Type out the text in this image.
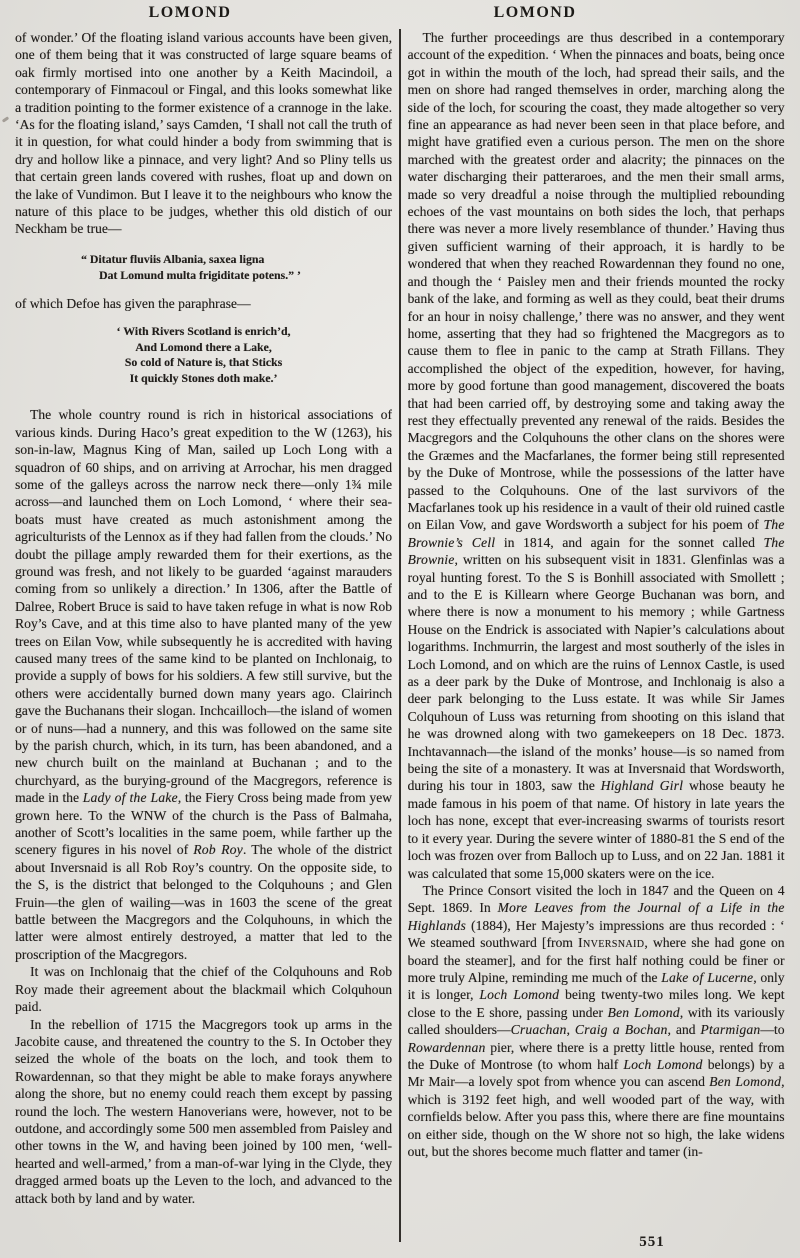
LOMOND	LOMOND

of wonder.’ Of the floating island various accounts have been given, one of them being that it was constructed of large square beams of oak firmly mortised into one another by a Keith Macindoil, a contemporary of Finmacoul or Fingal, and this looks somewhat like a tradition pointing to the former existence of a crannoge in the lake. ‘As for the floating island,’ says Camden, ‘I shall not call the truth of it in question, for what could hinder a body from swimming that is dry and hollow like a pinnace, and very light? And so Pliny tells us that certain green lands covered with rushes, float up and down on the lake of Vundimon. But I leave it to the neighbours who know the nature of this place to be judges, whether this old distich of our Neckham be true—

“ Ditatur fluviis Albania, saxea ligna
Dat Lomund multa frigiditate potens.” ’

of which Defoe has given the paraphrase—

‘ With Rivers Scotland is enrich’d,
And Lomond there a Lake,
So cold of Nature is, that Sticks
It quickly Stones doth make.’

The whole country round is rich in historical associations of various kinds. During Haco’s great expedition to the W (1263), his son-in-law, Magnus King of Man, sailed up Loch Long with a squadron of 60 ships, and on arriving at Arrochar, his men dragged some of the galleys across the narrow neck there—only 1¾ mile across—and launched them on Loch Lomond, ‘ where their sea-boats must have created as much astonishment among the agriculturists of the Lennox as if they had fallen from the clouds.’ No doubt the pillage amply rewarded them for their exertions, as the ground was fresh, and not likely to be guarded ‘against marauders coming from so unlikely a direction.’ In 1306, after the Battle of Dalree, Robert Bruce is said to have taken refuge in what is now Rob Roy’s Cave, and at this time also to have planted many of the yew trees on Eilan Vow, while subsequently he is accredited with having caused many trees of the same kind to be planted on Inchlonaig, to provide a supply of bows for his soldiers. A few still survive, but the others were accidentally burned down many years ago. Clairinch gave the Buchanans their slogan. Inchcailloch—the island of women or of nuns—had a nunnery, and this was followed on the same site by the parish church, which, in its turn, has been abandoned, and a new church built on the mainland at Buchanan ; and to the churchyard, as the burying-ground of the Macgregors, reference is made in the Lady of the Lake, the Fiery Cross being made from yew grown here. To the WNW of the church is the Pass of Balmaha, another of Scott’s localities in the same poem, while farther up the scenery figures in his novel of Rob Roy. The whole of the district about Inversnaid is all Rob Roy’s country. On the opposite side, to the S, is the district that belonged to the Colquhouns ; and Glen Fruin—the glen of wailing—was in 1603 the scene of the great battle between the Macgregors and the Colquhouns, in which the latter were almost entirely destroyed, a matter that led to the proscription of the Macgregors.

It was on Inchlonaig that the chief of the Colquhouns and Rob Roy made their agreement about the blackmail which Colquhoun paid.

In the rebellion of 1715 the Macgregors took up arms in the Jacobite cause, and threatened the country to the S. In October they seized the whole of the boats on the loch, and took them to Rowardennan, so that they might be able to make forays anywhere along the shore, but no enemy could reach them except by passing round the loch. The western Hanoverians were, however, not to be outdone, and accordingly some 500 men assembled from Paisley and other towns in the W, and having been joined by 100 men, ‘well-hearted and well-armed,’ from a man-of-war lying in the Clyde, they dragged armed boats up the Leven to the loch, and advanced to the attack both by land and by water.

The further proceedings are thus described in a contemporary account of the expedition. ‘ When the pinnaces and boats, being once got in within the mouth of the loch, had spread their sails, and the men on shore had ranged themselves in order, marching along the side of the loch, for scouring the coast, they made altogether so very fine an appearance as had never been seen in that place before, and might have gratified even a curious person. The men on the shore marched with the greatest order and alacrity; the pinnaces on the water discharging their patteraroes, and the men their small arms, made so very dreadful a noise through the multiplied rebounding echoes of the vast mountains on both sides the loch, that perhaps there was never a more lively resemblance of thunder.’ Having thus given sufficient warning of their approach, it is hardly to be wondered that when they reached Rowardennan they found no one, and though the ‘ Paisley men and their friends mounted the rocky bank of the lake, and forming as well as they could, beat their drums for an hour in noisy challenge,’ there was no answer, and they went home, asserting that they had so frightened the Macgregors as to cause them to flee in panic to the camp at Strath Fillans. They accomplished the object of the expedition, however, for having, more by good fortune than good management, discovered the boats that had been carried off, by destroying some and taking away the rest they effectually prevented any renewal of the raids. Besides the Macgregors and the Colquhouns the other clans on the shores were the Græmes and the Macfarlanes, the former being still represented by the Duke of Montrose, while the possessions of the latter have passed to the Colquhouns. One of the last survivors of the Macfarlanes took up his residence in a vault of their old ruined castle on Eilan Vow, and gave Wordsworth a subject for his poem of The Brownie’s Cell in 1814, and again for the sonnet called The Brownie, written on his subsequent visit in 1831. Glenfinlas was a royal hunting forest. To the S is Bonhill associated with Smollett ; and to the E is Killearn where George Buchanan was born, and where there is now a monument to his memory ; while Gartness House on the Endrick is associated with Napier’s calculations about logarithms. Inchmurrin, the largest and most southerly of the isles in Loch Lomond, and on which are the ruins of Lennox Castle, is used as a deer park by the Duke of Montrose, and Inchlonaig is also a deer park belonging to the Luss estate. It was while Sir James Colquhoun of Luss was returning from shooting on this island that he was drowned along with two gamekeepers on 18 Dec. 1873. Inchtavannach—the island of the monks’ house—is so named from being the site of a monastery. It was at Inversnaid that Wordsworth, during his tour in 1803, saw the Highland Girl whose beauty he made famous in his poem of that name. Of history in late years the loch has none, except that ever-increasing swarms of tourists resort to it every year. During the severe winter of 1880-81 the S end of the loch was frozen over from Balloch up to Luss, and on 22 Jan. 1881 it was calculated that some 15,000 skaters were on the ice.

The Prince Consort visited the loch in 1847 and the Queen on 4 Sept. 1869. In More Leaves from the Journal of a Life in the Highlands (1884), Her Majesty’s impressions are thus recorded : ‘ We steamed southward [from Inversnaid, where she had gone on board the steamer], and for the first half nothing could be finer or more truly Alpine, reminding me much of the Lake of Lucerne, only it is longer, Loch Lomond being twenty-two miles long. We kept close to the E shore, passing under Ben Lomond, with its variously called shoulders—Cruachan, Craig a Bochan, and Ptarmigan—to Rowardennan pier, where there is a pretty little house, rented from the Duke of Montrose (to whom half Loch Lomond belongs) by a Mr Mair—a lovely spot from whence you can ascend Ben Lomond, which is 3192 feet high, and well wooded part of the way, with cornfields below. After you pass this, where there are fine mountains on either side, though on the W shore not so high, the lake widens out, but the shores become much flatter and tamer (in-

551
